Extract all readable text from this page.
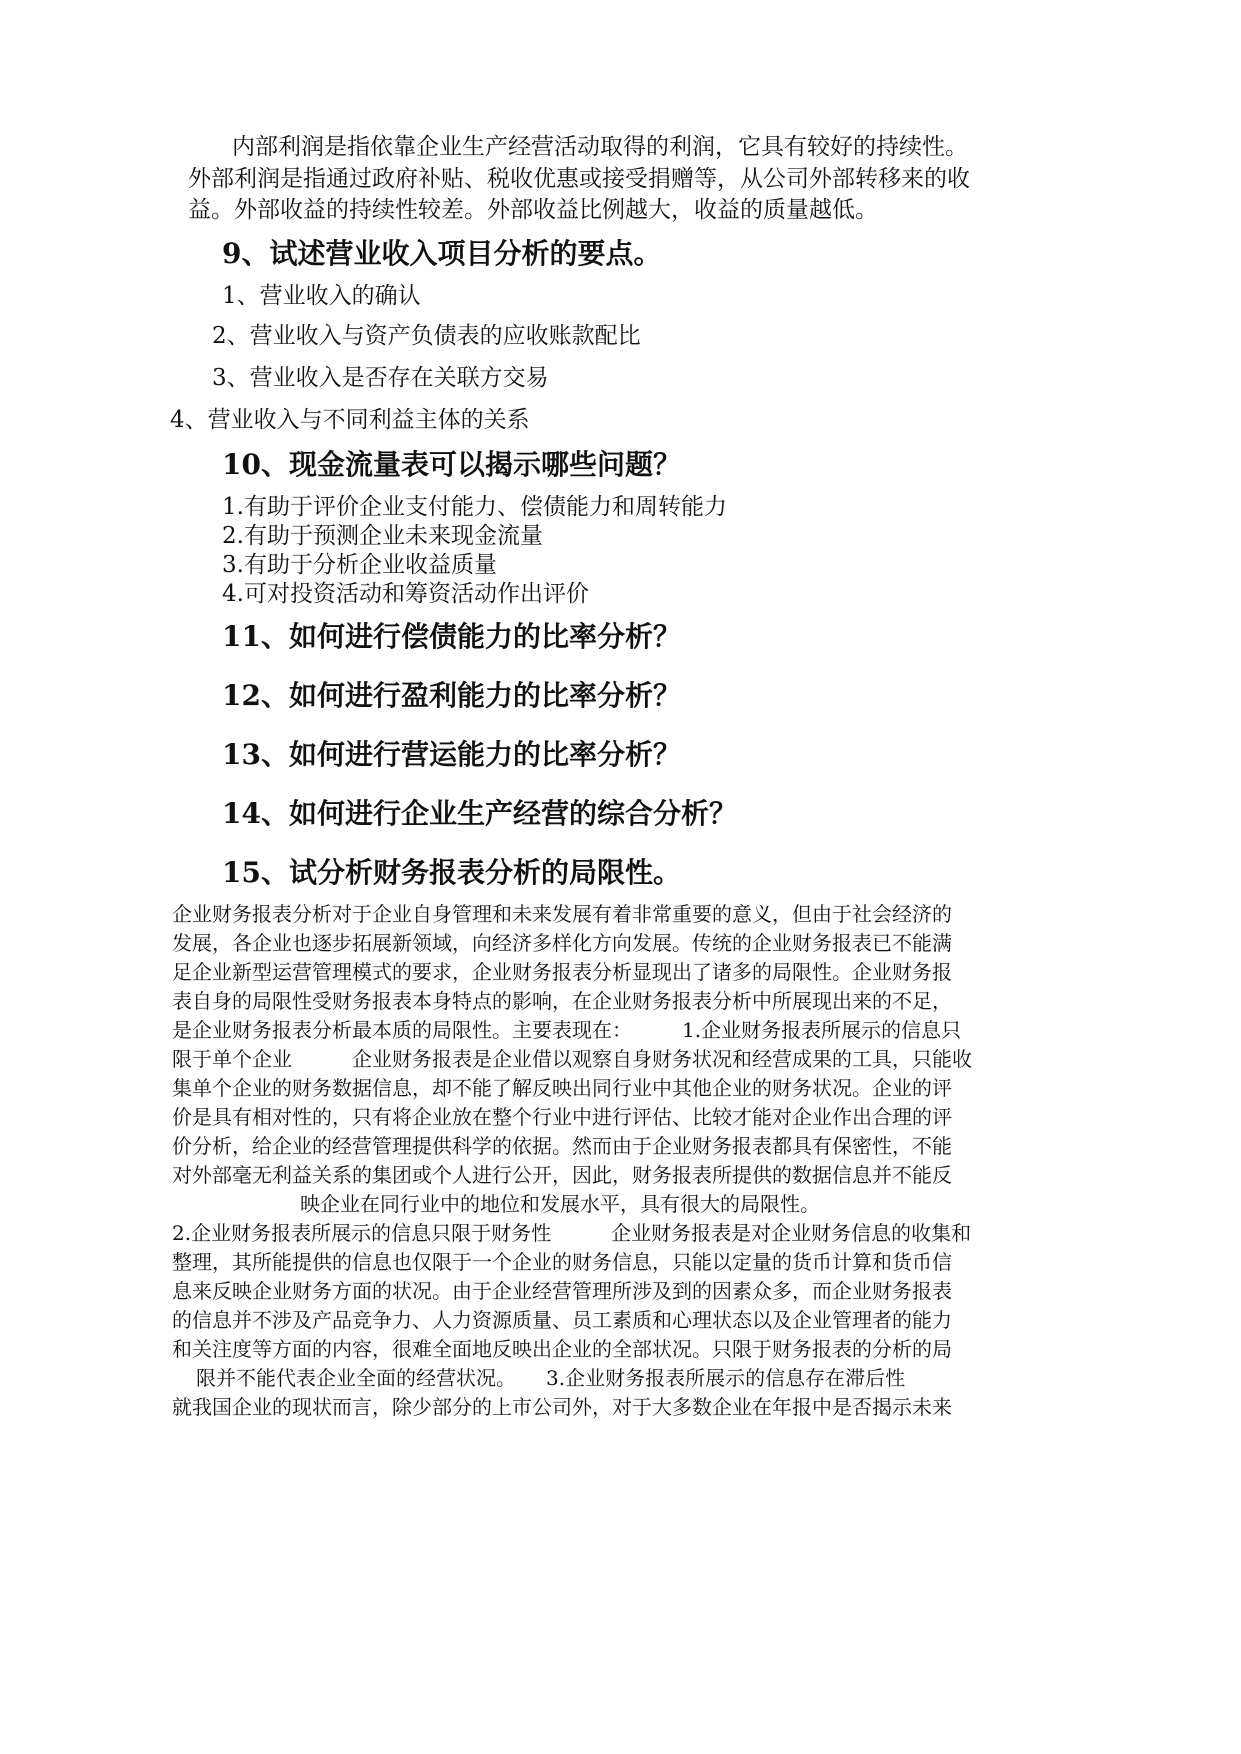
内部利润是指依靠企业生产经营活动取得的利润，它具有较好的持续性。
外部利润是指通过政府补贴、税收优惠或接受捐赠等，从公司外部转移来的收
益。外部收益的持续性较差。外部收益比例越大，收益的质量越低。
9、试述营业收入项目分析的要点。
1、营业收入的确认
2、营业收入与资产负债表的应收账款配比
3、营业收入是否存在关联方交易
4、营业收入与不同利益主体的关系
10、现金流量表可以揭示哪些问题？
1.有助于评价企业支付能力、偿债能力和周转能力
2.有助于预测企业未来现金流量
3.有助于分析企业收益质量
4.可对投资活动和筹资活动作出评价
11、如何进行偿债能力的比率分析？
12、如何进行盈利能力的比率分析？
13、如何进行营运能力的比率分析？
14、如何进行企业生产经营的综合分析？
15、试分析财务报表分析的局限性。
企业财务报表分析对于企业自身管理和未来发展有着非常重要的意义，但由于社会经济的
发展，各企业也逐步拓展新领域，向经济多样化方向发展。传统的企业财务报表已不能满
足企业新型运营管理模式的要求，企业财务报表分析显现出了诸多的局限性。企业财务报
表自身的局限性受财务报表本身特点的影响，在企业财务报表分析中所展现出来的不足，
是企业财务报表分析最本质的局限性。主要表现在：　　　1.企业财务报表所展示的信息只
限于单个企业　　　企业财务报表是企业借以观察自身财务状况和经营成果的工具，只能收
集单个企业的财务数据信息，却不能了解反映出同行业中其他企业的财务状况。企业的评
价是具有相对性的，只有将企业放在整个行业中进行评估、比较才能对企业作出合理的评
价分析，给企业的经营管理提供科学的依据。然而由于企业财务报表都具有保密性，不能
对外部毫无利益关系的集团或个人进行公开，因此，财务报表所提供的数据信息并不能反
映企业在同行业中的地位和发展水平，具有很大的局限性。
2.企业财务报表所展示的信息只限于财务性　　　企业财务报表是对企业财务信息的收集和
整理，其所能提供的信息也仅限于一个企业的财务信息，只能以定量的货币计算和货币信
息来反映企业财务方面的状况。由于企业经营管理所涉及到的因素众多，而企业财务报表
的信息并不涉及产品竞争力、人力资源质量、员工素质和心理状态以及企业管理者的能力
和关注度等方面的内容，很难全面地反映出企业的全部状况。只限于财务报表的分析的局
限并不能代表企业全面的经营状况。　　3.企业财务报表所展示的信息存在滞后性
就我国企业的现状而言，除少部分的上市公司外，对于大多数企业在年报中是否揭示未来
